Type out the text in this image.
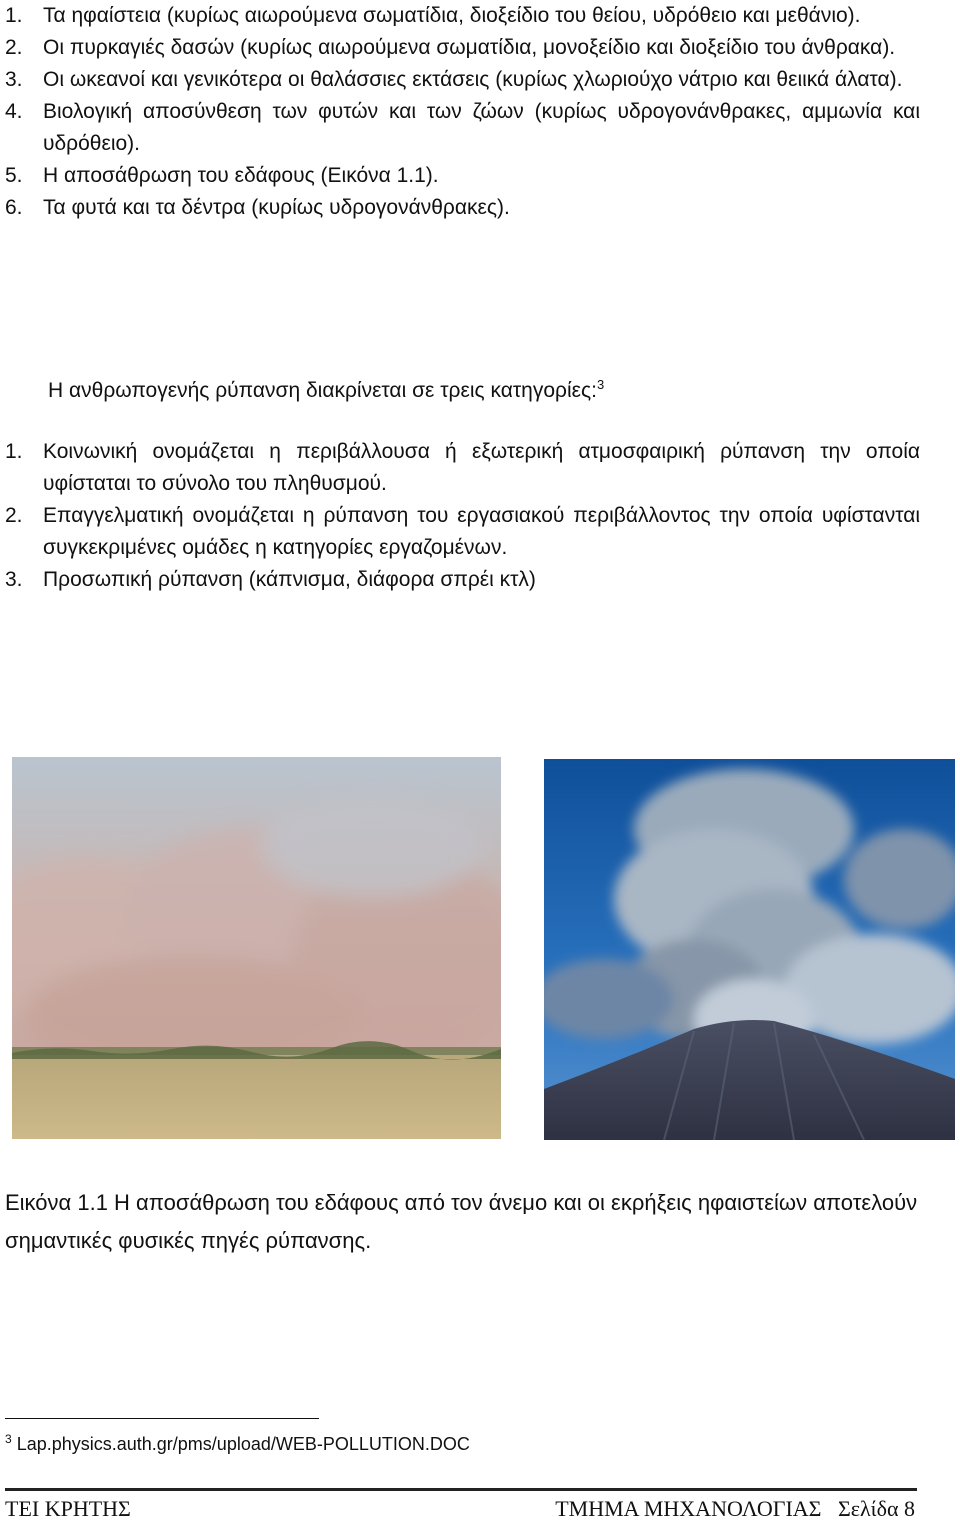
1. Τα ηφαίστεια (κυρίως αιωρούμενα σωματίδια, διοξείδιο του θείου, υδρόθειο και μεθάνιο).
2. Οι πυρκαγιές δασών (κυρίως αιωρούμενα σωματίδια, μονοξείδιο και διοξείδιο του άνθρακα).
3. Οι ωκεανοί και γενικότερα οι θαλάσσιες εκτάσεις (κυρίως χλωριούχο νάτριο και θειικά άλατα).
4. Βιολογική αποσύνθεση των φυτών και των ζώων (κυρίως υδρογονάνθρακες, αμμωνία και υδρόθειο).
5. Η αποσάθρωση του εδάφους (Εικόνα 1.1).
6. Τα φυτά και τα δέντρα (κυρίως υδρογονάνθρακες).
Η ανθρωπογενής ρύπανση διακρίνεται σε τρεις κατηγορίες:$^3$
1. Κοινωνική ονομάζεται η περιβάλλουσα ή εξωτερική ατμοσφαιρική ρύπανση την οποία υφίσταται το σύνολο του πληθυσμού.
2. Επαγγελματική ονομάζεται η ρύπανση του εργασιακού περιβάλλοντος την οποία υφίστανται συγκεκριμένες ομάδες η κατηγορίες εργαζομένων.
3. Προσωπική ρύπανση (κάπνισμα, διάφορα σπρέι κτλ)
Εικόνα 1.1 Η αποσάθρωση του εδάφους από τον άνεμο και οι εκρήξεις ηφαιστείων αποτελούν σημαντικές φυσικές πηγές ρύπανσης.
$^3$ Lap.physics.auth.gr/pms/upload/WEB-POLLUTION.DOC
ΤΕΙ ΚΡΗΤΗΣ	ΤΜΗΜΑ ΜΗΧΑΝΟΛΟΓΙΑΣ   Σελίδα 8
